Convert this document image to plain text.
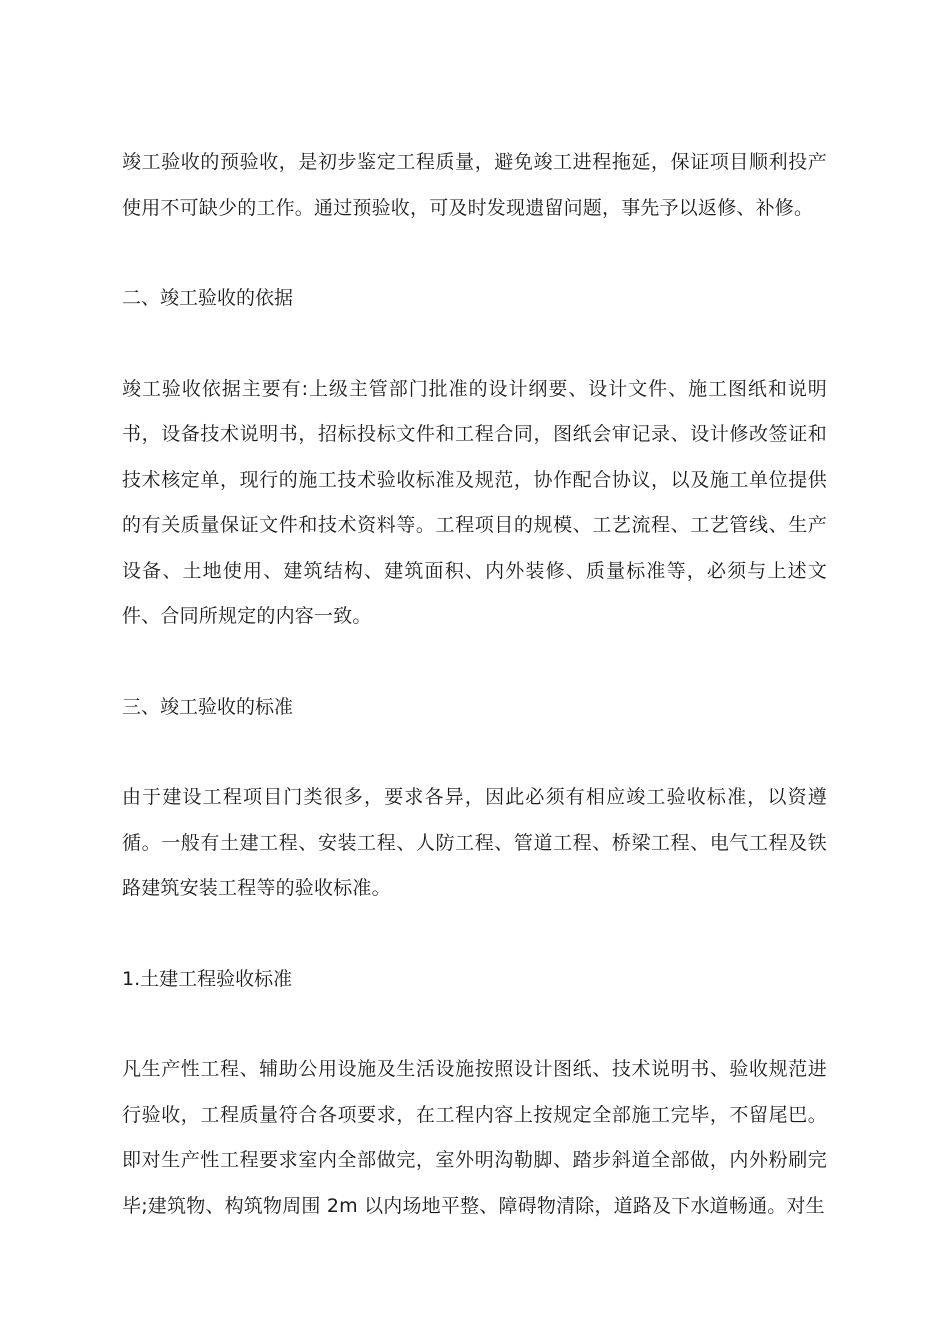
竣工验收的预验收，是初步鉴定工程质量，避免竣工进程拖延，保证项目顺利投产使用不可缺少的工作。通过预验收，可及时发现遗留问题，事先予以返修、补修。

二、竣工验收的依据

竣工验收依据主要有:上级主管部门批准的设计纲要、设计文件、施工图纸和说明书，设备技术说明书，招标投标文件和工程合同，图纸会审记录、设计修改签证和技术核定单，现行的施工技术验收标准及规范，协作配合协议，以及施工单位提供的有关质量保证文件和技术资料等。工程项目的规模、工艺流程、工艺管线、生产设备、土地使用、建筑结构、建筑面积、内外装修、质量标准等，必须与上述文件、合同所规定的内容一致。

三、竣工验收的标准

由于建设工程项目门类很多，要求各异，因此必须有相应竣工验收标准，以资遵循。一般有土建工程、安装工程、人防工程、管道工程、桥梁工程、电气工程及铁路建筑安装工程等的验收标准。

1.土建工程验收标准

凡生产性工程、辅助公用设施及生活设施按照设计图纸、技术说明书、验收规范进行验收，工程质量符合各项要求，在工程内容上按规定全部施工完毕，不留尾巴。即对生产性工程要求室内全部做完，室外明沟勒脚、踏步斜道全部做，内外粉刷完毕;建筑物、构筑物周围 2m 以内场地平整、障碍物清除，道路及下水道畅通。对生
